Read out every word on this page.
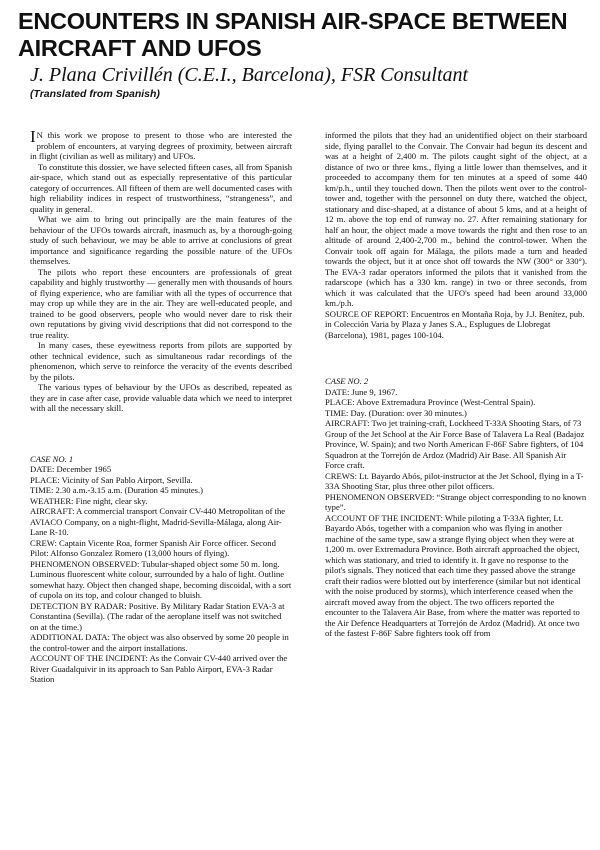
ENCOUNTERS IN SPANISH AIR-SPACE BETWEEN AIRCRAFT AND UFOS
J. Plana Crivillén (C.E.I., Barcelona), FSR Consultant
(Translated from Spanish)

I N this work we propose to present to those who are interested the problem of encounters, at varying degrees of proximity, between aircraft in flight (civilian as well as military) and UFOs.

To constitute this dossier, we have selected fifteen cases, all from Spanish air-space, which stand out as especially representative of this particular category of occurrences. All fifteen of them are well documented cases with high reliability indices in respect of trustworthiness, “strangeness”, and quality in general.

What we aim to bring out principally are the main features of the behaviour of the UFOs towards aircraft, inasmuch as, by a thorough-going study of such behaviour, we may be able to arrive at conclusions of great importance and significance regarding the possible nature of the UFOs themselves.

The pilots who report these encounters are professionals of great capability and highly trustworthy — generally men with thousands of hours of flying experience, who are familiar with all the types of occurrence that may crop up while they are in the air. They are well-educated people, and trained to be good observers, people who would never dare to risk their own reputations by giving vivid descriptions that did not correspond to the true reality.

In many cases, these eyewitness reports from pilots are supported by other technical evidence, such as simultaneous radar recordings of the phenomenon, which serve to reinforce the veracity of the events described by the pilots.

The various types of behaviour by the UFOs as described, repeated as they are in case after case, provide valuable data which we need to interpret with all the necessary skill.

CASE NO. 1

DATE: December 1965

PLACE: Vicinity of San Pablo Airport, Sevilla.

TIME: 2.30 a.m.-3.15 a.m. (Duration 45 minutes.)

WEATHER: Fine night, clear sky.

AIRCRAFT: A commercial transport Convair CV-440 Metropolitan of the AVIACO Company, on a night-flight, Madrid-Sevilla-Málaga, along Air-Lane R-10.

CREW: Captain Vicente Roa, former Spanish Air Force officer. Second Pilot: Alfonso Gonzalez Romero (13,000 hours of flying).

PHENOMENON OBSERVED: Tubular-shaped object some 50 m. long. Luminous fluorescent white colour, surrounded by a halo of light. Outline somewhat hazy. Object then changed shape, becoming discoidal, with a sort of cupola on its top, and colour changed to bluish.

DETECTION BY RADAR: Positive. By Military Radar Station EVA-3 at Constantina (Sevilla). (The radar of the aeroplane itself was not switched on at the time.)

ADDITIONAL DATA: The object was also observed by some 20 people in the control-tower and the airport installations.

ACCOUNT OF THE INCIDENT: As the Convair CV-440 arrived over the River Guadalquivir in its approach to San Pablo Airport, EVA-3 Radar Station

informed the pilots that they had an unidentified object on their starboard side, flying parallel to the Convair. The Convair had begun its descent and was at a height of 2,400 m. The pilots caught sight of the object, at a distance of two or three kms., flying a little lower than themselves, and it proceeded to accompany them for ten minutes at a speed of some 440 km/p.h., until they touched down. Then the pilots went over to the control-tower and, together with the personnel on duty there, watched the object, stationary and disc-shaped, at a distance of about 5 kms, and at a height of 12 m. above the top end of runway no. 27. After remaining stationary for half an hour, the object made a move towards the right and then rose to an altitude of around 2,400-2,700 m., behind the control-tower. When the Convair took off again for Málaga, the pilots made a turn and headed towards the object, but it at once shot off towards the NW (300° or 330°). The EVA-3 radar operators informed the pilots that it vanished from the radarscope (which has a 330 km. range) in two or three seconds, from which it was calculated that the UFO's speed had been around 33,000 km./p.h.

SOURCE OF REPORT: Encuentros en Montaña Roja, by J.J. Benítez, pub. in Colección Varia by Plaza y Janes S.A., Esplugues de Llobregat (Barcelona), 1981, pages 100-104.

CASE NO. 2

DATE: June 9, 1967.

PLACE: Above Extremadura Province (West-Central Spain).

TIME: Day. (Duration: over 30 minutes.)

AIRCRAFT: Two jet training-craft, Lockheed T-33A Shooting Stars, of 73 Group of the Jet School at the Air Force Base of Talavera La Real (Badajoz Province, W. Spain); and two North American F-86F Sabre fighters, of 104 Squadron at the Torrejón de Ardoz (Madrid) Air Base. All Spanish Air Force craft.

CREWS: Lt. Bayardo Abós, pilot-instructor at the Jet School, flying in a T-33A Shooting Star, plus three other pilot officers.

PHENOMENON OBSERVED: “Strange object corresponding to no known type”.

ACCOUNT OF THE INCIDENT: While piloting a T-33A fighter, Lt. Bayardo Abós, together with a companion who was flying in another machine of the same type, saw a strange flying object when they were at 1,200 m. over Extremadura Province. Both aircraft approached the object, which was stationary, and tried to identify it. It gave no response to the pilot's signals. They noticed that each time they passed above the strange craft their radios were blotted out by interference (similar but not identical with the noise produced by storms), which interference ceased when the aircraft moved away from the object. The two officers reported the encounter to the Talavera Air Base, from where the matter was reported to the Air Defence Headquarters at Torrejón de Ardoz (Madrid). At once two of the fastest F-86F Sabre fighters took off from
